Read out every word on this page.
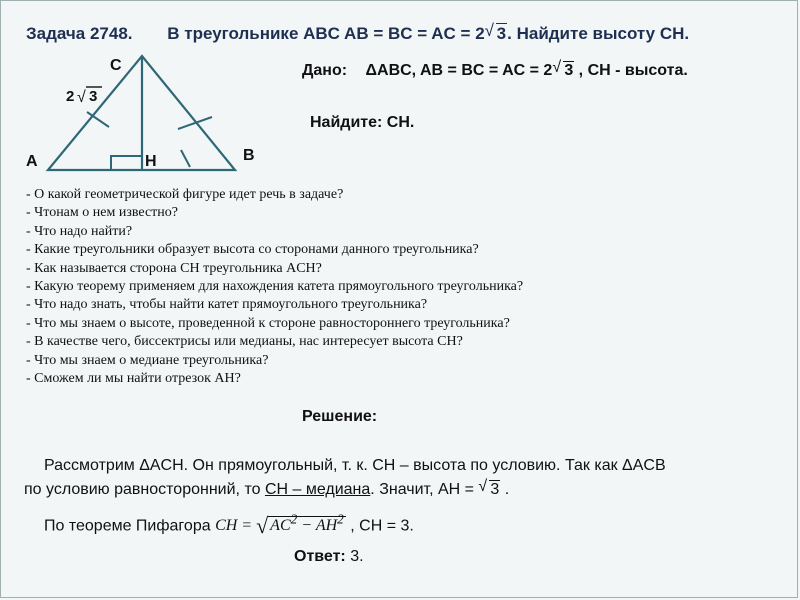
Задача 2748. В треугольнике ABC AB = BC = AC = 2 √ 3. Найдите высоту CH.
Дано: ΔABC, AB = BC = AC = 2 √ 3 , CH - высота.
Найдите: CH.
C
A	B
H
2 √ 3
- О какой геометрической фигуре идет речь в задаче?
- Чтонам о нем известно?
- Что надо найти?
- Какие треугольники образует высота со сторонами данного треугольника?
- Как называется сторона CH треугольника ACH?
- Какую теорему применяем для нахождения катета прямоугольного треугольника?
- Что надо знать, чтобы найти катет прямоугольного треугольника?
- Что мы знаем о высоте, проведенной к стороне равностороннего треугольника?
- В качестве чего, биссектрисы или медианы, нас интересует высота CH?
- Что мы знаем о медиане треугольника?
- Сможем ли мы найти отрезок AH?
Решение:

Рассмотрим ΔACH. Он прямоугольный, т. к. CH – высота по условию. Так как ΔACB

по условию равносторонний, то CH – медиана. Значит, AH = √ 3 .

По теореме Пифагора CH = √ $AC^2 - AH^2$ , CH = 3.

Ответ: 3.
